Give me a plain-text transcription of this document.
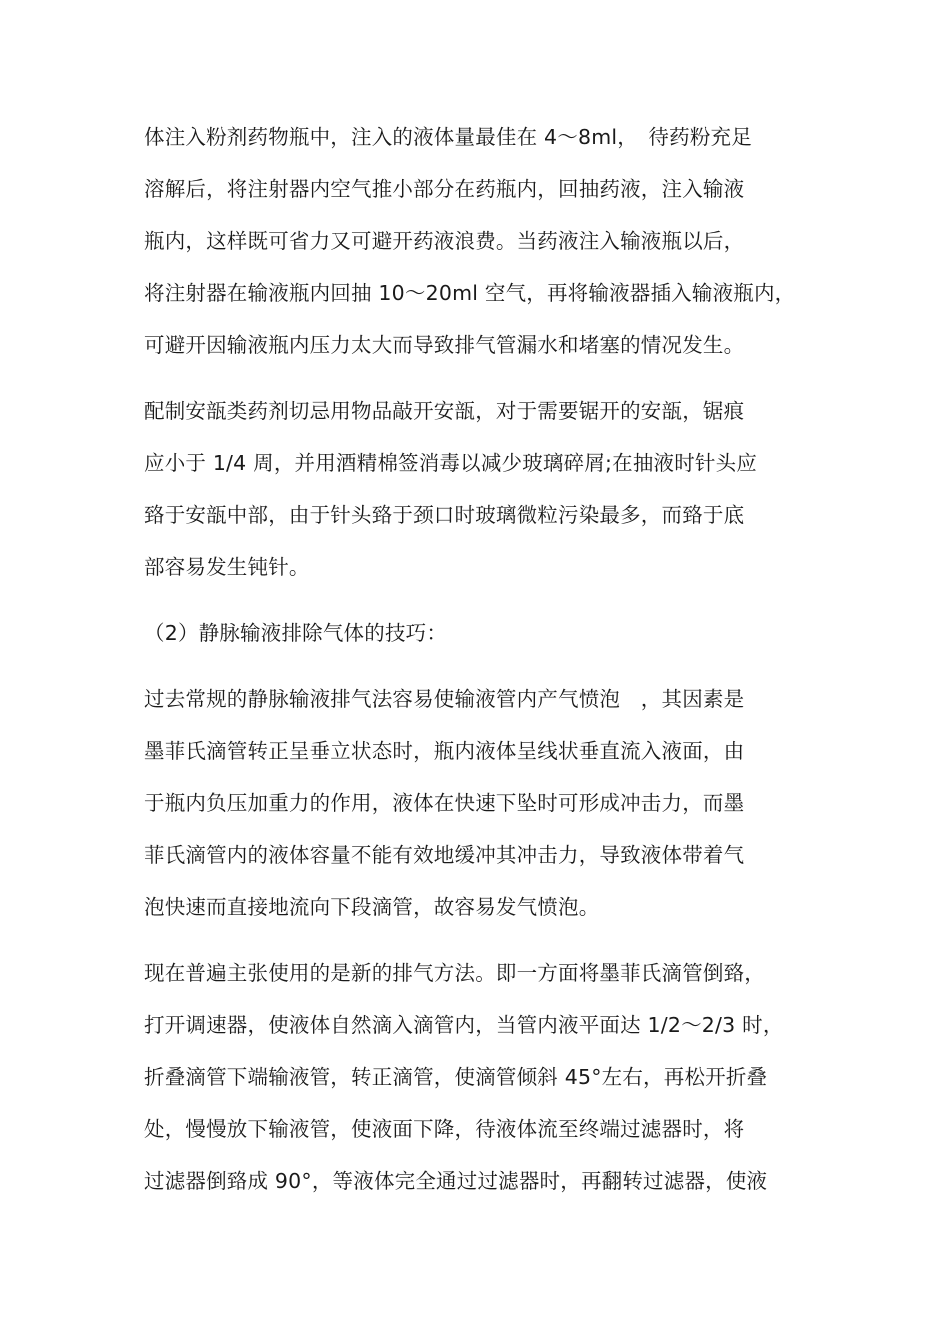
体注入粉剂药物瓶中，注入的液体量最佳在 4～8ml，　待药粉充足
溶解后，将注射器内空气推小部分在药瓶内，回抽药液，注入输液
瓶内，这样既可省力又可避开药液浪费。当药液注入输液瓶以后，
将注射器在输液瓶内回抽 10～20ml 空气，再将输液器插入输液瓶内，
可避开因输液瓶内压力太大而导致排气管漏水和堵塞的情况发生。
配制安瓿类药剂切忌用物品敲开安瓿，对于需要锯开的安瓿，锯痕
应小于 1/4 周，并用酒精棉签消毒以减少玻璃碎屑;在抽液时针头应
臵于安瓿中部，由于针头臵于颈口时玻璃微粒污染最多，而臵于底
部容易发生钝针。
（2）静脉输液排除气体的技巧：
过去常规的静脉输液排气法容易使输液管内产气愤泡　，其因素是
墨菲氏滴管转正呈垂立状态时，瓶内液体呈线状垂直流入液面，由
于瓶内负压加重力的作用，液体在快速下坠时可形成冲击力，而墨
菲氏滴管内的液体容量不能有效地缓冲其冲击力，导致液体带着气
泡快速而直接地流向下段滴管，故容易发气愤泡。
现在普遍主张使用的是新的排气方法。即一方面将墨菲氏滴管倒臵，
打开调速器，使液体自然滴入滴管内，当管内液平面达 1/2～2/3 时，
折叠滴管下端输液管，转正滴管，使滴管倾斜 45°左右，再松开折叠
处，慢慢放下输液管，使液面下降，待液体流至终端过滤器时，将
过滤器倒臵成 90°，等液体完全通过过滤器时，再翻转过滤器，使液
